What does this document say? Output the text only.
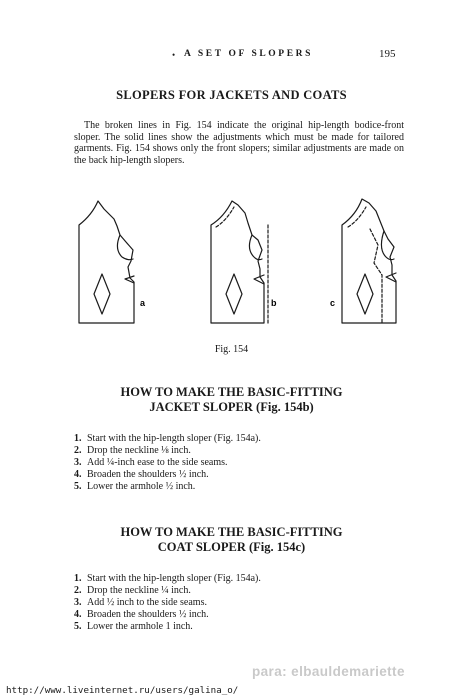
• A SET OF SLOPERS	195
SLOPERS FOR JACKETS AND COATS

The broken lines in Fig. 154 indicate the original hip-length bodice-front sloper. The solid lines show the adjustments which must be made for tailored garments. Fig. 154 shows only the front slopers; similar adjustments are made on the back hip-length slopers.

a	b	c
Fig. 154
HOW TO MAKE THE BASIC-FITTING
JACKET SLOPER (Fig. 154b)
1. Start with the hip-length sloper (Fig. 154a).
2. Drop the neckline ⅛ inch.
3. Add ¼-inch ease to the side seams.
4. Broaden the shoulders ½ inch.
5. Lower the armhole ½ inch.
HOW TO MAKE THE BASIC-FITTING
COAT SLOPER (Fig. 154c)
1. Start with the hip-length sloper (Fig. 154a).
2. Drop the neckline ¼ inch.
3. Add ½ inch to the side seams.
4. Broaden the shoulders ½ inch.
5. Lower the armhole 1 inch.
para: elbauldemariette
http://www.liveinternet.ru/users/galina_o/
